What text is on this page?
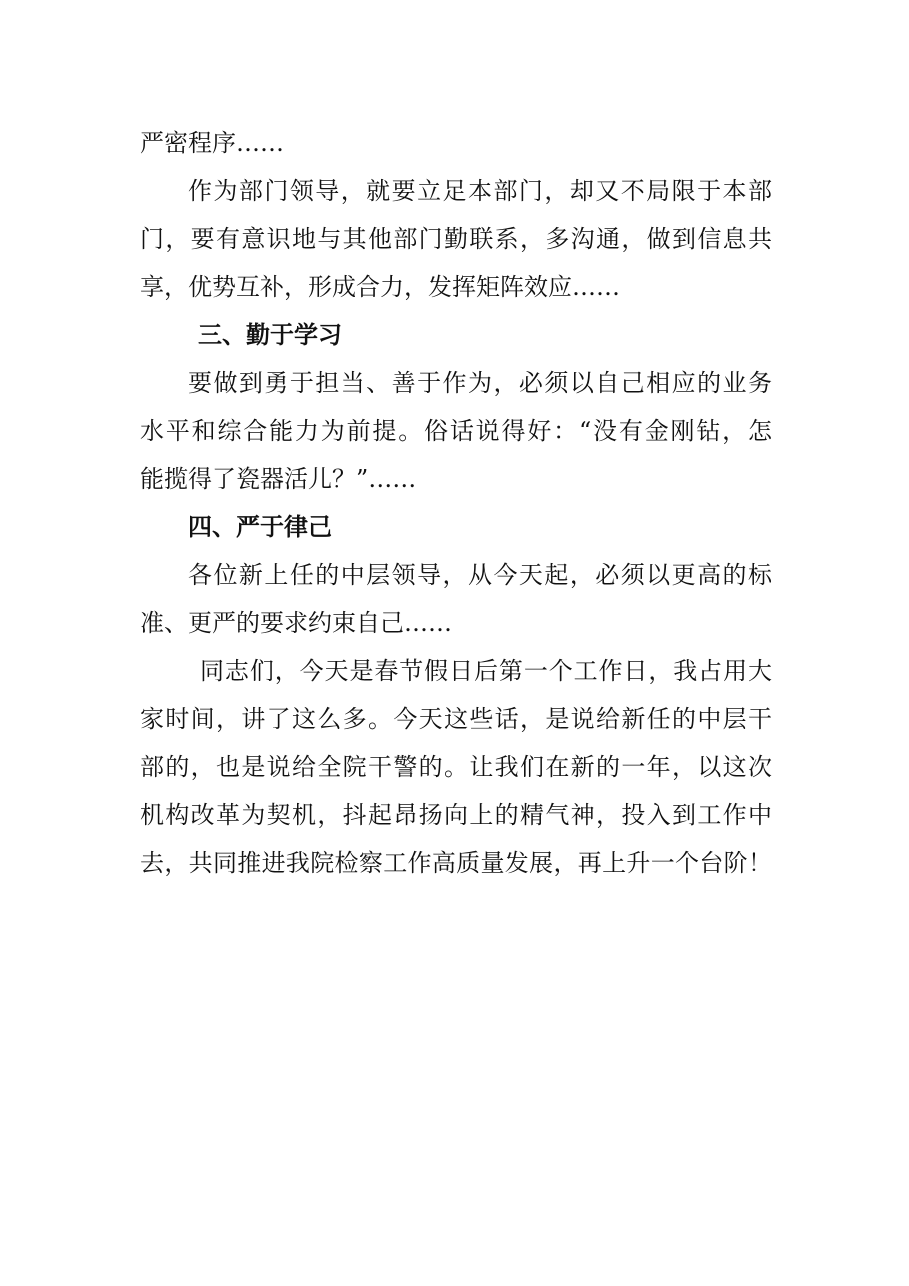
严密程序……
作为部门领导，就要立足本部门，却又不局限于本部
门，要有意识地与其他部门勤联系，多沟通，做到信息共
享，优势互补，形成合力，发挥矩阵效应……
三、勤于学习
要做到勇于担当、善于作为，必须以自己相应的业务
水平和综合能力为前提。俗话说得好：“没有金刚钻，怎
能揽得了瓷器活儿？”……
四、严于律己
各位新上任的中层领导，从今天起，必须以更高的标
准、更严的要求约束自己……
同志们，今天是春节假日后第一个工作日，我占用大
家时间，讲了这么多。今天这些话，是说给新任的中层干
部的，也是说给全院干警的。让我们在新的一年，以这次
机构改革为契机，抖起昂扬向上的精气神，投入到工作中
去，共同推进我院检察工作高质量发展，再上升一个台阶！
